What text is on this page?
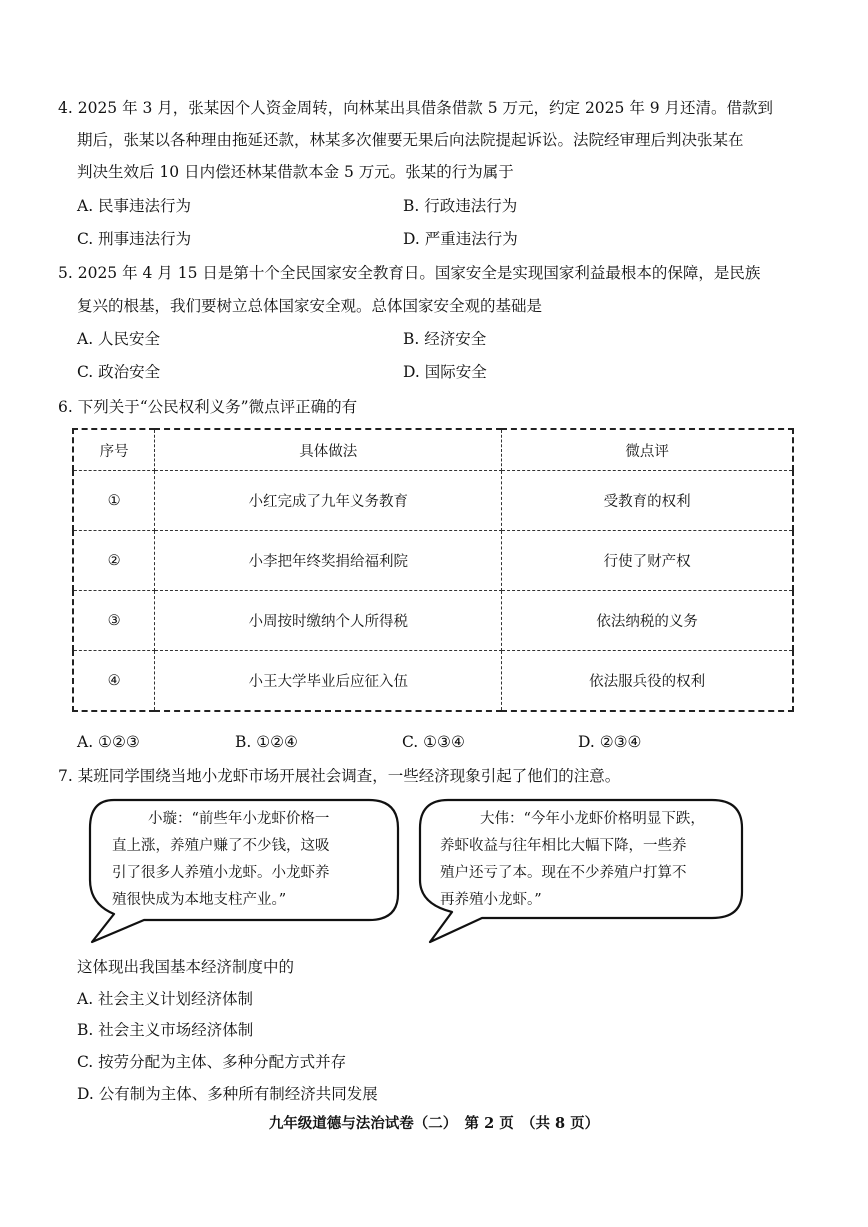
4. 2025 年 3 月，张某因个人资金周转，向林某出具借条借款 5 万元，约定 2025 年 9 月还清。借款到
期后，张某以各种理由拖延还款，林某多次催要无果后向法院提起诉讼。法院经审理后判决张某在
判决生效后 10 日内偿还林某借款本金 5 万元。张某的行为属于
A. 民事违法行为	B. 行政违法行为
C. 刑事违法行为	D. 严重违法行为
5. 2025 年 4 月 15 日是第十个全民国家安全教育日。国家安全是实现国家利益最根本的保障，是民族
复兴的根基，我们要树立总体国家安全观。总体国家安全观的基础是
A. 人民安全	B. 经济安全
C. 政治安全	D. 国际安全
6. 下列关于“公民权利义务”微点评正确的有
序号	具体做法	微点评
①	小红完成了九年义务教育	受教育的权利
②	小李把年终奖捐给福利院	行使了财产权
③	小周按时缴纳个人所得税	依法纳税的义务
④	小王大学毕业后应征入伍	依法服兵役的权利
A. ①②③	B. ①②④	C. ①③④	D. ②③④
7. 某班同学围绕当地小龙虾市场开展社会调查，一些经济现象引起了他们的注意。
小璇：“前些年小龙虾价格一
直上涨，养殖户赚了不少钱，这吸
引了很多人养殖小龙虾。小龙虾养
殖很快成为本地支柱产业。”
大伟：“今年小龙虾价格明显下跌，
养虾收益与往年相比大幅下降，一些养
殖户还亏了本。现在不少养殖户打算不
再养殖小龙虾。”
这体现出我国基本经济制度中的
A. 社会主义计划经济体制
B. 社会主义市场经济体制
C. 按劳分配为主体、多种分配方式并存
D. 公有制为主体、多种所有制经济共同发展
九年级道德与法治试卷（二）　第 2 页　（共 8 页）
